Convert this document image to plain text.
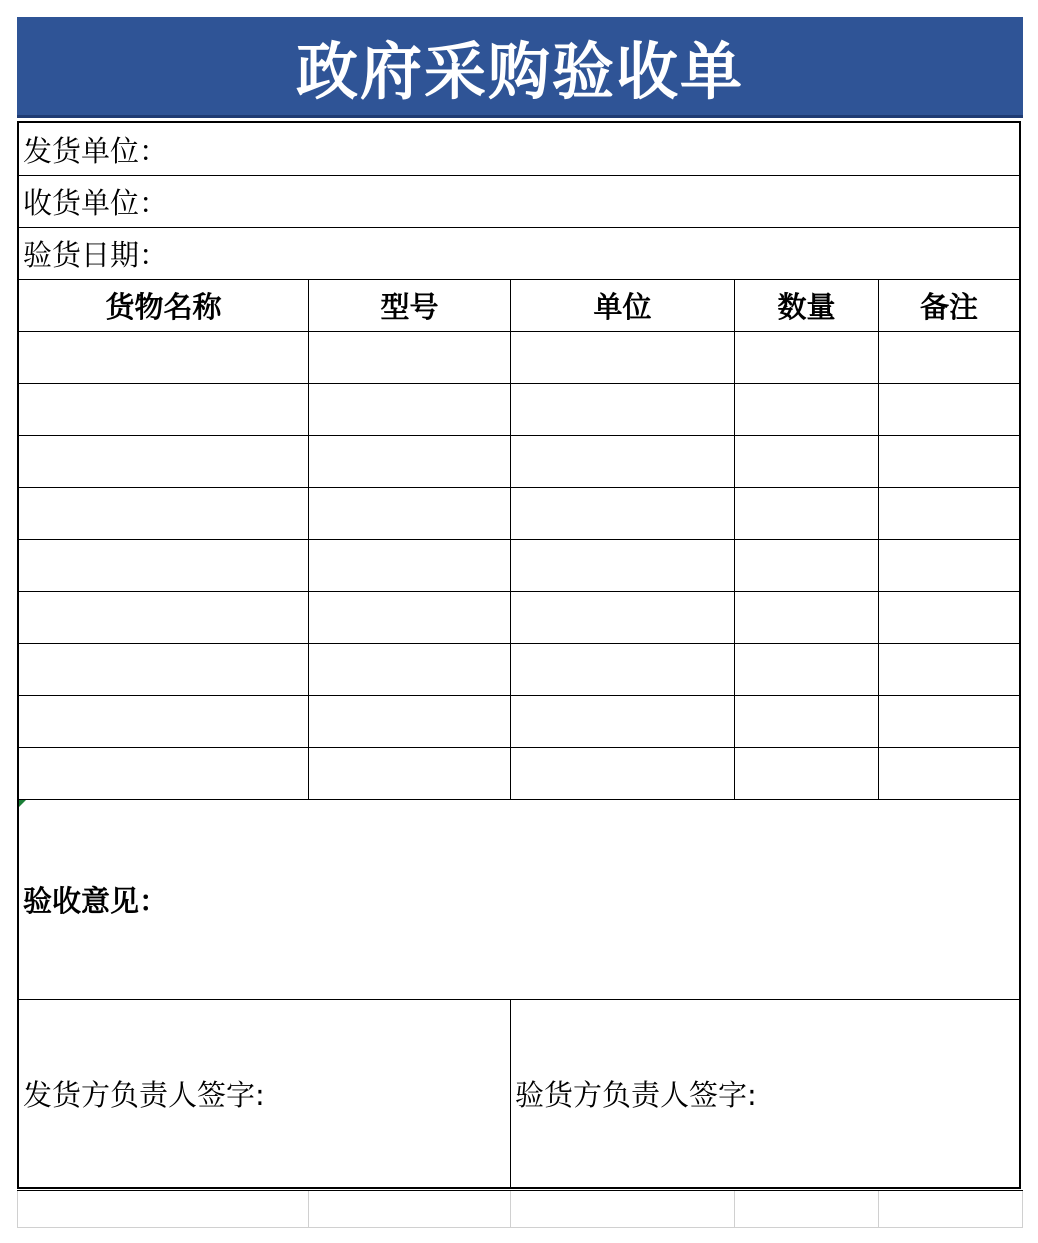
政府采购验收单
发货单位：
收货单位：
验货日期：
货物名称	型号	单位	数量	备注
验收意见：
发货方负责人签字:	验货方负责人签字:
